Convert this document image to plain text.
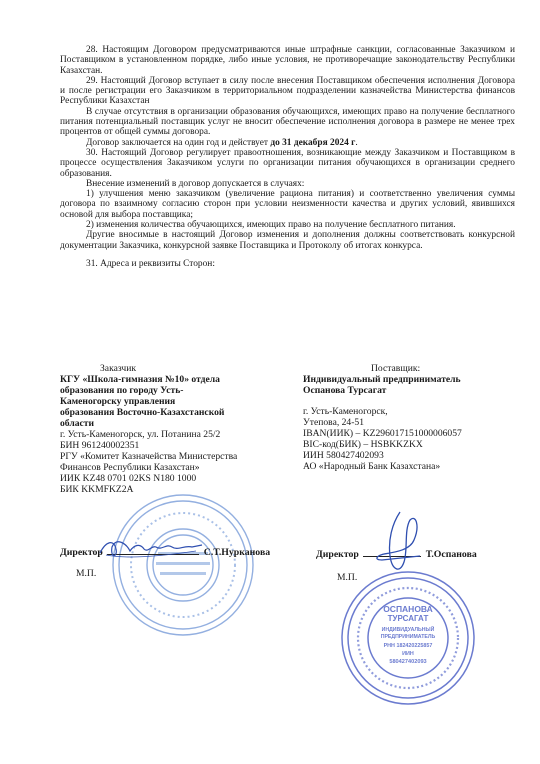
28. Настоящим Договором предусматриваются иные штрафные санкции, согласованные Заказчиком и Поставщиком в установленном порядке, либо иные условия, не противоречащие законодательству Республики Казахстан.

29. Настоящий Договор вступает в силу после внесения Поставщиком обеспечения исполнения Договора и после регистрации его Заказчиком в территориальном подразделении казначейства Министерства финансов Республики Казахстан

В случае отсутствия в организации образования обучающихся, имеющих право на получение бесплатного питания потенциальный поставщик услуг не вносит обеспечение исполнения договора в размере не менее трех процентов от общей суммы договора.

Договор заключается на один год и действует до 31 декабря 2024 г.

30. Настоящий Договор регулирует правоотношения, возникающие между Заказчиком и Поставщиком в процессе осуществления Заказчиком услуги по организации питания обучающихся в организации среднего образования.

Внесение изменений в договор допускается в случаях:

1) улучшения меню заказчиком (увеличение рациона питания) и соответственно увеличения суммы договора по взаимному согласию сторон при условии неизменности качества и других условий, явившихся основой для выбора поставщика;

2) изменения количества обучающихся, имеющих право на получение бесплатного питания.

Другие вносимые в настоящий Договор изменения и дополнения должны соответствовать конкурсной документации Заказчика, конкурсной заявке Поставщика и Протоколу об итогах конкурса.

31. Адреса и реквизиты Сторон:

Заказчик

КГУ «Школа-гимназия №10» отдела

образования по городу Усть-

Каменогорску управления

образования Восточно-Казахстанской

области

г. Усть-Каменогорск, ул. Потанина 25/2

БИН 961240002351

РГУ «Комитет Казначейства Министерства

Финансов Республики Казахстан»

ИИК KZ48 0701 02KS N180 1000

БИК KKMFKZ2A

Поставщик:

Индивидуальный предприниматель

Оспанова Турсагат

г. Усть-Каменогорск,

Утепова, 24-51

IBAN(ИИК) – KZ296017151000006057

BIC-код(БИК) – HSBKKZKX

ИИН 580427402093

АО «Народный Банк Казахстана»

ОСПАНОВА
ТУРСАГАТ
ИНДИВИДУАЛЬНЫЙ
ПРЕДПРИНИМАТЕЛЬ
РНН 182420225857
ИИН
580427402093
Директор	С.Т.Нурканова
М.П.
Директор	Т.Оспанова
М.П.
